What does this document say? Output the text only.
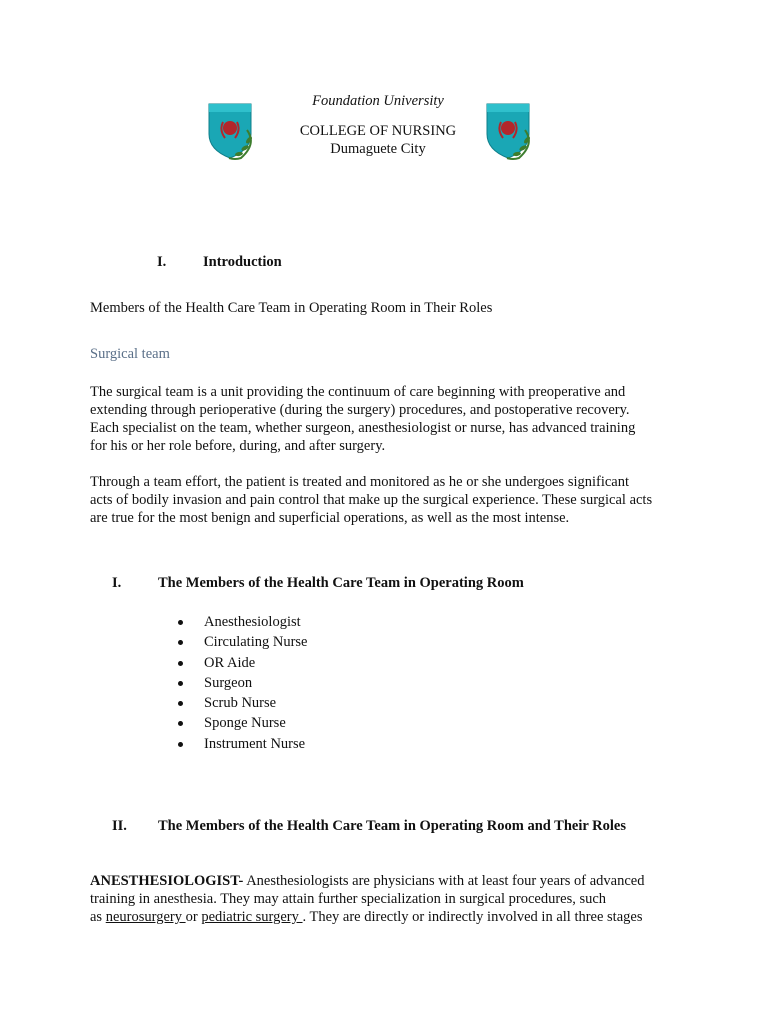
Foundation University
COLLEGE OF NURSING
Dumaguete City
I.	Introduction
Members of the Health Care Team in Operating Room in Their Roles
Surgical team
The surgical team is a unit providing the continuum of care beginning with preoperative and
extending through perioperative (during the surgery) procedures, and postoperative recovery.
Each specialist on the team, whether surgeon, anesthesiologist or nurse, has advanced training
for his or her role before, during, and after surgery.
Through a team effort, the patient is treated and monitored as he or she undergoes significant
acts of bodily invasion and pain control that make up the surgical experience. These surgical acts
are true for the most benign and superficial operations, as well as the most intense.
I.	The Members of the Health Care Team in Operating Room
Anesthesiologist
Circulating Nurse
OR Aide
Surgeon
Scrub Nurse
Sponge Nurse
Instrument Nurse
II. The Members of the Health Care Team in Operating Room and Their Roles
ANESTHESIOLOGIST- Anesthesiologists are physicians with at least four years of advanced
training in anesthesia. They may attain further specialization in surgical procedures, such
as neurosurgery or pediatric surgery . They are directly or indirectly involved in all three stages
